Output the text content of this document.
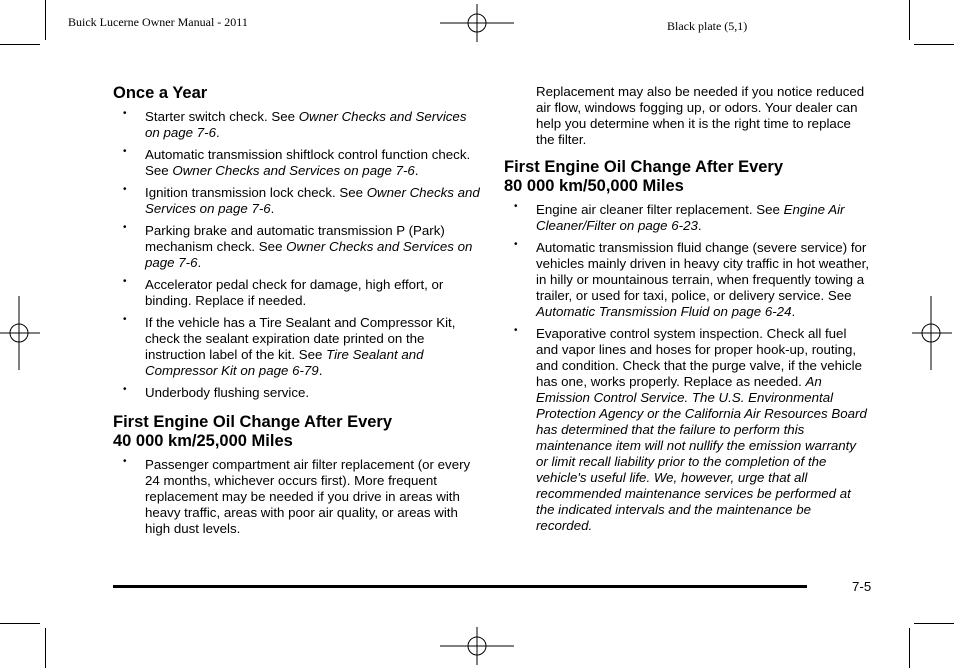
Buick Lucerne Owner Manual - 2011	Black plate (5,1)
Once a Year
• Starter switch check. See Owner Checks and Services on page 7-6.
• Automatic transmission shiftlock control function check. See Owner Checks and Services on page 7-6.
• Ignition transmission lock check. See Owner Checks and Services on page 7-6.
• Parking brake and automatic transmission P (Park) mechanism check. See Owner Checks and Services on page 7-6.
• Accelerator pedal check for damage, high effort, or binding. Replace if needed.
• If the vehicle has a Tire Sealant and Compressor Kit, check the sealant expiration date printed on the instruction label of the kit. See Tire Sealant and Compressor Kit on page 6-79.
• Underbody flushing service.
First Engine Oil Change After Every
40 000 km/25,000 Miles
• Passenger compartment air filter replacement (or every 24 months, whichever occurs first). More frequent replacement may be needed if you drive in areas with heavy traffic, areas with poor air quality, or areas with high dust levels.

Replacement may also be needed if you notice reduced air flow, windows fogging up, or odors. Your dealer can help you determine when it is the right time to replace the filter.

First Engine Oil Change After Every
80 000 km/50,000 Miles
• Engine air cleaner filter replacement. See Engine Air Cleaner/Filter on page 6-23.
• Automatic transmission fluid change (severe service) for vehicles mainly driven in heavy city traffic in hot weather, in hilly or mountainous terrain, when frequently towing a trailer, or used for taxi, police, or delivery service. See Automatic Transmission Fluid on page 6-24.
• Evaporative control system inspection. Check all fuel and vapor lines and hoses for proper hook-up, routing, and condition. Check that the purge valve, if the vehicle has one, works properly. Replace as needed. An Emission Control Service. The U.S. Environmental Protection Agency or the California Air Resources Board has determined that the failure to perform this maintenance item will not nullify the emission warranty or limit recall liability prior to the completion of the vehicle's useful life. We, however, urge that all recommended maintenance services be performed at the indicated intervals and the maintenance be recorded.
7-5
